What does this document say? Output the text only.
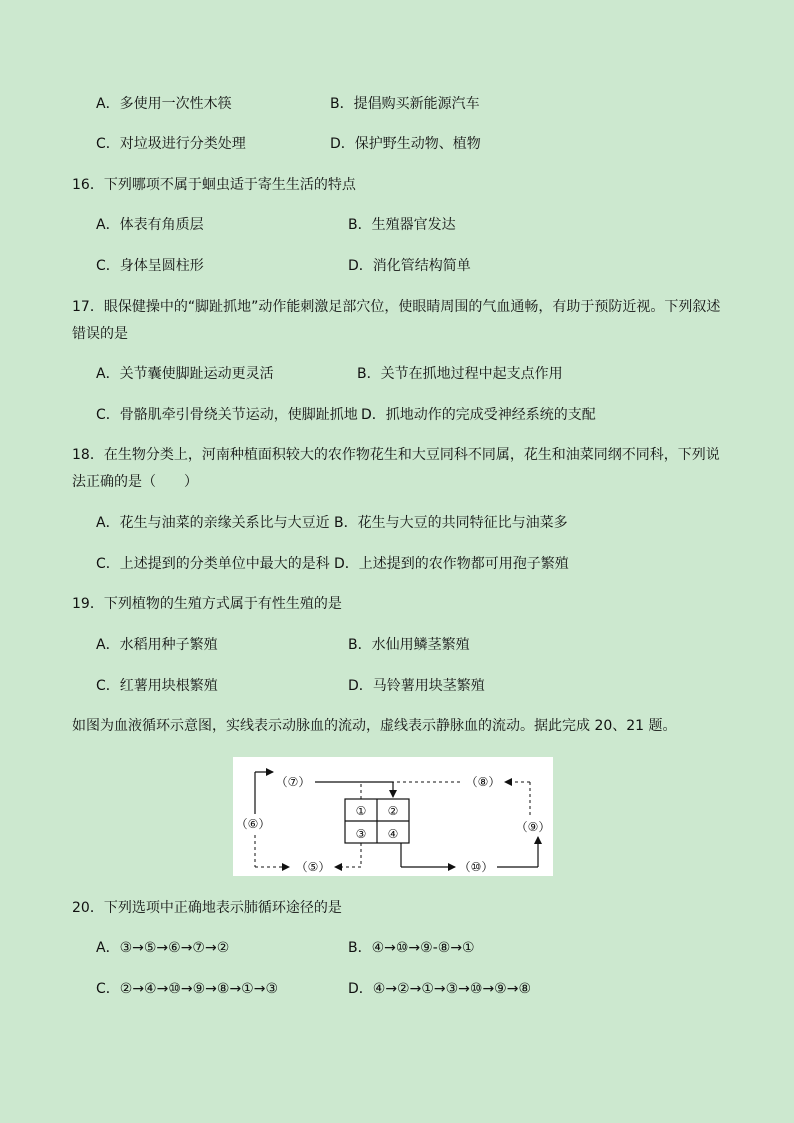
A．多使用一次性木筷	B．提倡购买新能源汽车
C．对垃圾进行分类处理	D．保护野生动物、植物
16．下列哪项不属于蛔虫适于寄生生活的特点
A．体表有角质层	B．生殖器官发达
C．身体呈圆柱形	D．消化管结构简单
17．眼保健操中的“脚趾抓地”动作能刺激足部穴位，使眼睛周围的气血通畅，有助于预防近视。下列叙述错误的是
A．关节囊使脚趾运动更灵活	B．关节在抓地过程中起支点作用
C．骨骼肌牵引骨绕关节运动，使脚趾抓地 D．抓地动作的完成受神经系统的支配
18．在生物分类上，河南种植面积较大的农作物花生和大豆同科不同属，花生和油菜同纲不同科，下列说法正确的是（　　）
A．花生与油菜的亲缘关系比与大豆近 B．花生与大豆的共同特征比与油菜多
C．上述提到的分类单位中最大的是科 D．上述提到的农作物都可用孢子繁殖
19．下列植物的生殖方式属于有性生殖的是
A．水稻用种子繁殖	B．水仙用鳞茎繁殖
C．红薯用块根繁殖	D．马铃薯用块茎繁殖
如图为血液循环示意图，实线表示动脉血的流动，虚线表示静脉血的流动。据此完成 20、21 题。
① ②
③ ④
（⑦）	（⑧）
（⑥）	（⑨）
（⑤）	（⑩）
20．下列选项中正确地表示肺循环途径的是
A．③→⑤→⑥→⑦→②	B．④→⑩→⑨-⑧→①
C．②→④→⑩→⑨→⑧→①→③	D．④→②→①→③→⑩→⑨→⑧
